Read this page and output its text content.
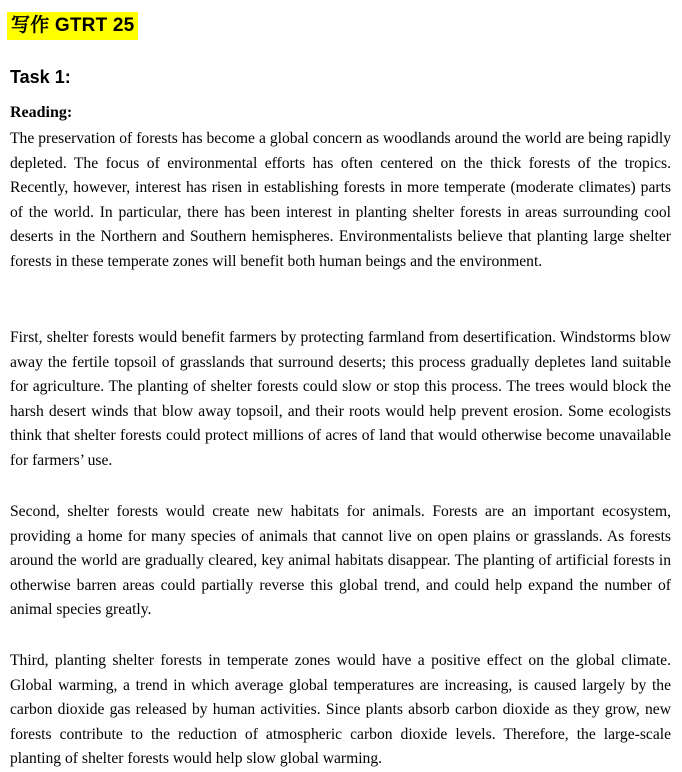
写作 GTRT 25
Task 1:
Reading:

The preservation of forests has become a global concern as woodlands around the world are being rapidly depleted. The focus of environmental efforts has often centered on the thick forests of the tropics. Recently, however, interest has risen in establishing forests in more temperate (moderate climates) parts of the world. In particular, there has been interest in planting shelter forests in areas surrounding cool deserts in the Northern and Southern hemispheres. Environmentalists believe that planting large shelter forests in these temperate zones will benefit both human beings and the environment.

First, shelter forests would benefit farmers by protecting farmland from desertification. Windstorms blow away the fertile topsoil of grasslands that surround deserts; this process gradually depletes land suitable for agriculture. The planting of shelter forests could slow or stop this process. The trees would block the harsh desert winds that blow away topsoil, and their roots would help prevent erosion. Some ecologists think that shelter forests could protect millions of acres of land that would otherwise become unavailable for farmers’ use.

Second, shelter forests would create new habitats for animals. Forests are an important ecosystem, providing a home for many species of animals that cannot live on open plains or grasslands. As forests around the world are gradually cleared, key animal habitats disappear. The planting of artificial forests in otherwise barren areas could partially reverse this global trend, and could help expand the number of animal species greatly.

Third, planting shelter forests in temperate zones would have a positive effect on the global climate. Global warming, a trend in which average global temperatures are increasing, is caused largely by the carbon dioxide gas released by human activities. Since plants absorb carbon dioxide as they grow, new forests contribute to the reduction of atmospheric carbon dioxide levels. Therefore, the large-scale planting of shelter forests would help slow global warming.
